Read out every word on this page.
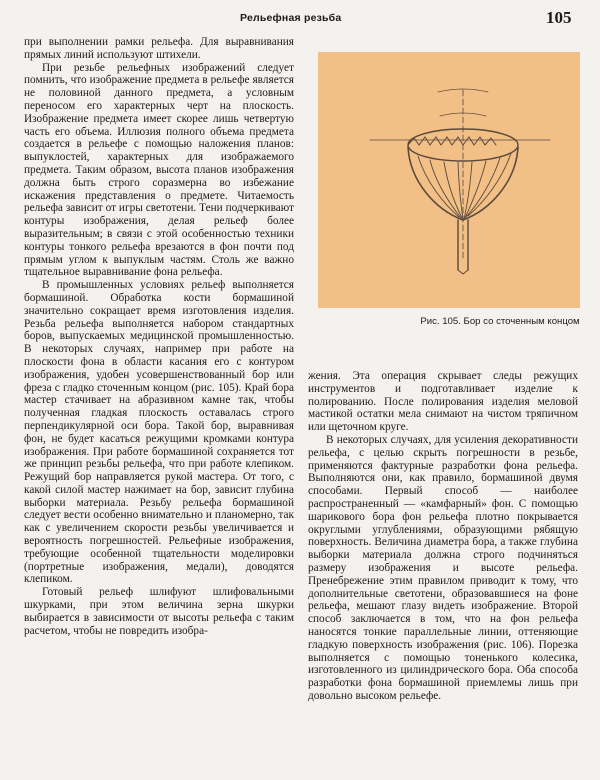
Рельефная резьба	105

при выполнении рамки рельефа. Для выравнивания прямых линий используют штихели.

При резьбе рельефных изображений следует помнить, что изображение предмета в рельефе является не половиной данного предмета, а условным переносом его характерных черт на плоскость. Изображение предмета имеет скорее лишь четвертую часть его объема. Иллюзия полного объема предмета создается в рельефе с помощью наложения планов: выпуклостей, характерных для изображаемого предмета. Таким образом, высота планов изображения должна быть строго соразмерна во избежание искажения представления о предмете. Читаемость рельефа зависит от игры светотени. Тени подчеркивают контуры изображения, делая рельеф более выразительным; в связи с этой особенностью техники контуры тонкого рельефа врезаются в фон почти под прямым углом к выпуклым частям. Столь же важно тщательное выравнивание фона рельефа.

В промышленных условиях рельеф выполняется бормашиной. Обработка кости бормашиной значительно сокращает время изготовления изделия. Резьба рельефа выполняется набором стандартных боров, выпускаемых медицинской промышленностью. В некоторых случаях, например при работе на плоскости фона в области касания его с контуром изображения, удобен усовершенствованный бор или фреза с гладко сточенным концом (рис. 105). Край бора мастер стачивает на абразивном камне так, чтобы полученная гладкая плоскость оставалась строго перпендикулярной оси бора. Такой бор, выравнивая фон, не будет касаться режущими кромками контура изображения. При работе бормашиной сохраняется тот же принцип резьбы рельефа, что при работе клепиком. Режущий бор направляется рукой мастера. От того, с какой силой мастер нажимает на бор, зависит глубина выборки материала. Резьбу рельефа бормашиной следует вести особенно внимательно и планомерно, так как с увеличением скорости резьбы увеличивается и вероятность погрешностей. Рельефные изображения, требующие особенной тщательности моделировки (портретные изображения, медали), доводятся клепиком.

Готовый рельеф шлифуют шлифовальными шкурками, при этом величина зерна шкурки выбирается в зависимости от высоты рельефа с таким расчетом, чтобы не повредить изобра-

Рис. 105. Бор со сточенным концом

жения. Эта операция скрывает следы режущих инструментов и подготавливает изделие к полированию. После полирования изделия меловой мастикой остатки мела снимают на чистом тряпичном или щеточном круге.

В некоторых случаях, для усиления декоративности рельефа, с целью скрыть погрешности в резьбе, применяются фактурные разработки фона рельефа. Выполняются они, как правило, бормашиной двумя способами. Первый способ — наиболее распространенный — «камфарный» фон. С помощью шарикового бора фон рельефа плотно покрывается округлыми углублениями, образующими рябящую поверхность. Величина диаметра бора, а также глубина выборки материала должна строго подчиняться размеру изображения и высоте рельефа. Пренебрежение этим правилом приводит к тому, что дополнительные светотени, образовавшиеся на фоне рельефа, мешают глазу видеть изображение. Второй способ заключается в том, что на фон рельефа наносятся тонкие параллельные линии, оттеняющие гладкую поверхность изображения (рис. 106). Порезка выполняется с помощью тоненького колесика, изготовленного из цилиндрического бора. Оба способа разработки фона бормашиной приемлемы лишь при довольно высоком рельефе.
